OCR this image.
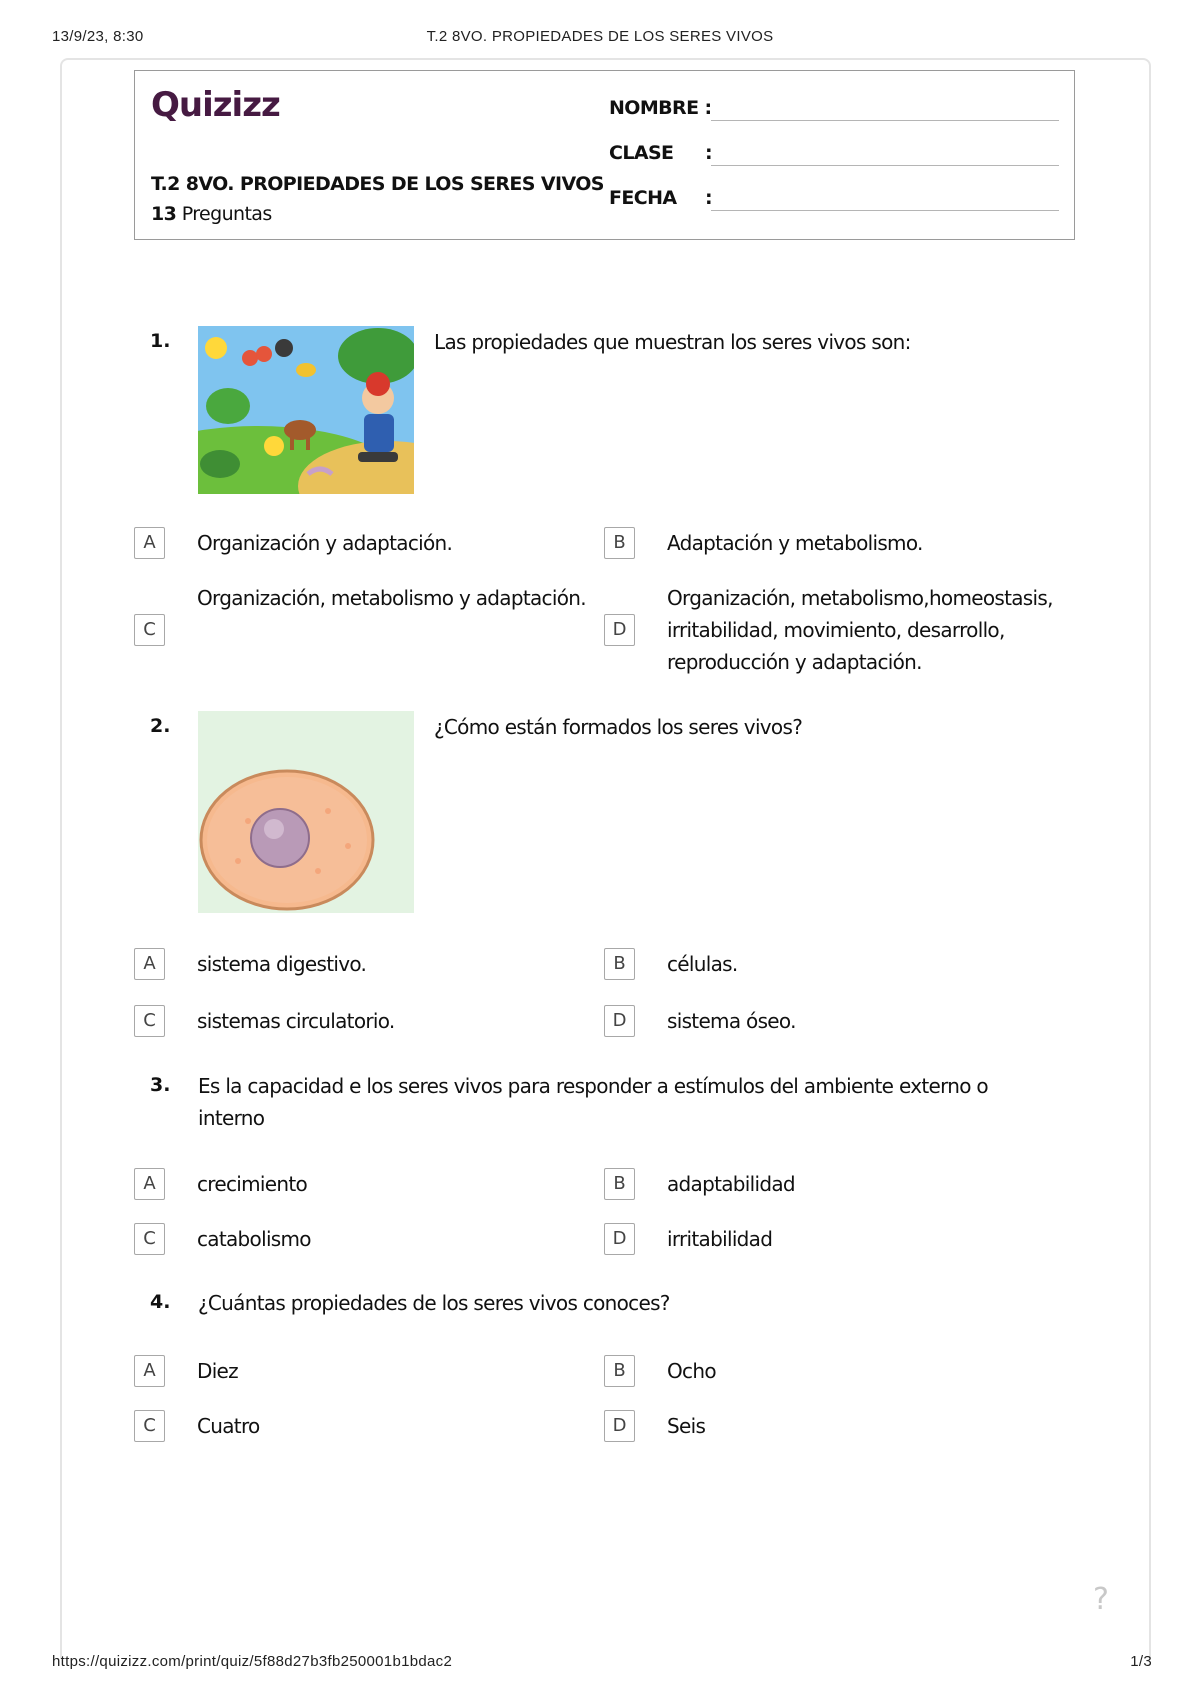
13/9/23, 8:30	T.2 8VO. PROPIEDADES DE LOS SERES VIVOS
Quizizz
T.2 8VO. PROPIEDADES DE LOS SERES VIVOS
13 Preguntas
NOMBRE :
CLASE :
FECHA :
1.	Las propiedades que muestran los seres vivos son:
A	Organización y adaptación.	B	Adaptación y metabolismo.
C
Organización, metabolismo y adaptación.
D
Organización, metabolismo,homeostasis,
irritabilidad, movimiento, desarrollo,
reproducción y adaptación.
2.	¿Cómo están formados los seres vivos?
A	sistema digestivo.	B	células.
C	sistemas circulatorio.	D	sistema óseo.
3. Es la capacidad e los seres vivos para responder a estímulos del ambiente externo o
interno
A	crecimiento	B	adaptabilidad
C	catabolismo	D	irritabilidad
4. ¿Cuántas propiedades de los seres vivos conoces?
A	Diez	B	Ocho
C	Cuatro	D	Seis
?
https://quizizz.com/print/quiz/5f88d27b3fb250001b1bdac2	1/3
